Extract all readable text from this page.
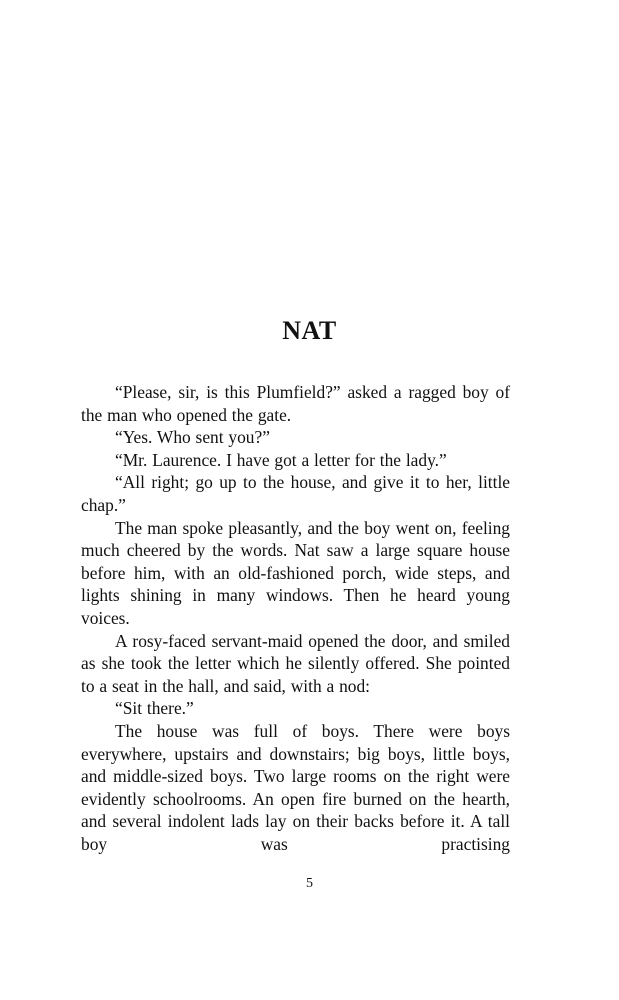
NAT

“Please, sir, is this Plumfield?” asked a ragged boy of the man who opened the gate.

“Yes. Who sent you?”

“Mr. Laurence. I have got a letter for the lady.”

“All right; go up to the house, and give it to her, little chap.”

The man spoke pleasantly, and the boy went on, feeling much cheered by the words. Nat saw a large square house before him, with an old-fashioned porch, wide steps, and lights shining in many windows. Then he heard young voices.

A rosy-faced servant-maid opened the door, and smiled as she took the letter which he silently offered. She pointed to a seat in the hall, and said, with a nod:

“Sit there.”

The house was full of boys. There were boys everywhere, upstairs and downstairs; big boys, little boys, and middle-sized boys. Two large rooms on the right were evidently schoolrooms. An open fire burned on the hearth, and several indolent lads lay on their backs before it. A tall boy was practising

5
